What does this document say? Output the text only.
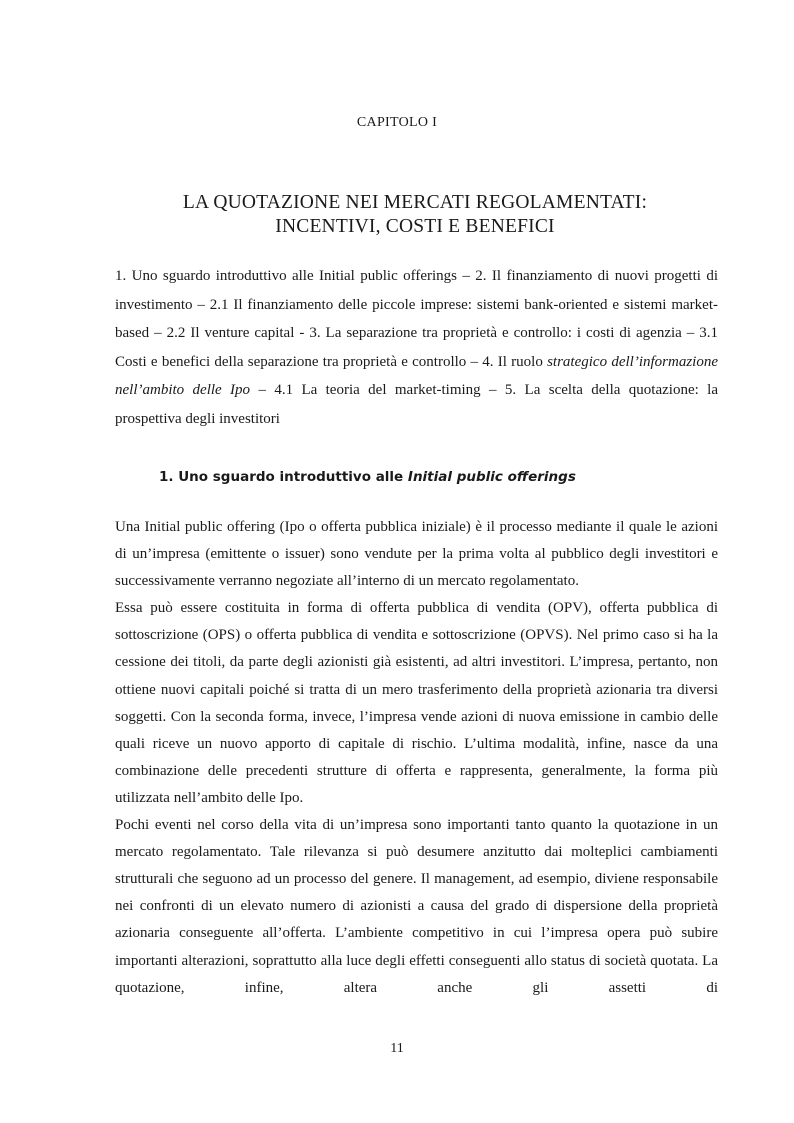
CAPITOLO I
LA QUOTAZIONE NEI MERCATI REGOLAMENTATI:
INCENTIVI, COSTI E BENEFICI

1. Uno sguardo introduttivo alle Initial public offerings – 2. Il finanziamento di nuovi progetti di investimento – 2.1 Il finanziamento delle piccole imprese: sistemi bank-oriented e sistemi market-based – 2.2 Il venture capital - 3. La separazione tra proprietà e controllo: i costi di agenzia – 3.1 Costi e benefici della separazione tra proprietà e controllo – 4. Il ruolo strategico dell’informazione nell’ambito delle Ipo – 4.1 La teoria del market-timing – 5. La scelta della quotazione: la prospettiva degli investitori

1. Uno sguardo introduttivo alle Initial public offerings

Una Initial public offering (Ipo o offerta pubblica iniziale) è il processo mediante il quale le azioni di un’impresa (emittente o issuer) sono vendute per la prima volta al pubblico degli investitori e successivamente verranno negoziate all’interno di un mercato regolamentato.

Essa può essere costituita in forma di offerta pubblica di vendita (OPV), offerta pubblica di sottoscrizione (OPS) o offerta pubblica di vendita e sottoscrizione (OPVS). Nel primo caso si ha la cessione dei titoli, da parte degli azionisti già esistenti, ad altri investitori. L’impresa, pertanto, non ottiene nuovi capitali poiché si tratta di un mero trasferimento della proprietà azionaria tra diversi soggetti. Con la seconda forma, invece, l’impresa vende azioni di nuova emissione in cambio delle quali riceve un nuovo apporto di capitale di rischio. L’ultima modalità, infine, nasce da una combinazione delle precedenti strutture di offerta e rappresenta, generalmente, la forma più utilizzata nell’ambito delle Ipo.

Pochi eventi nel corso della vita di un’impresa sono importanti tanto quanto la quotazione in un mercato regolamentato. Tale rilevanza si può desumere anzitutto dai molteplici cambiamenti strutturali che seguono ad un processo del genere. Il management, ad esempio, diviene responsabile nei confronti di un elevato numero di azionisti a causa del grado di dispersione della proprietà azionaria conseguente all’offerta. L’ambiente competitivo in cui l’impresa opera può subire importanti alterazioni, soprattutto alla luce degli effetti conseguenti allo status di società quotata. La quotazione, infine, altera anche gli assetti di

11
